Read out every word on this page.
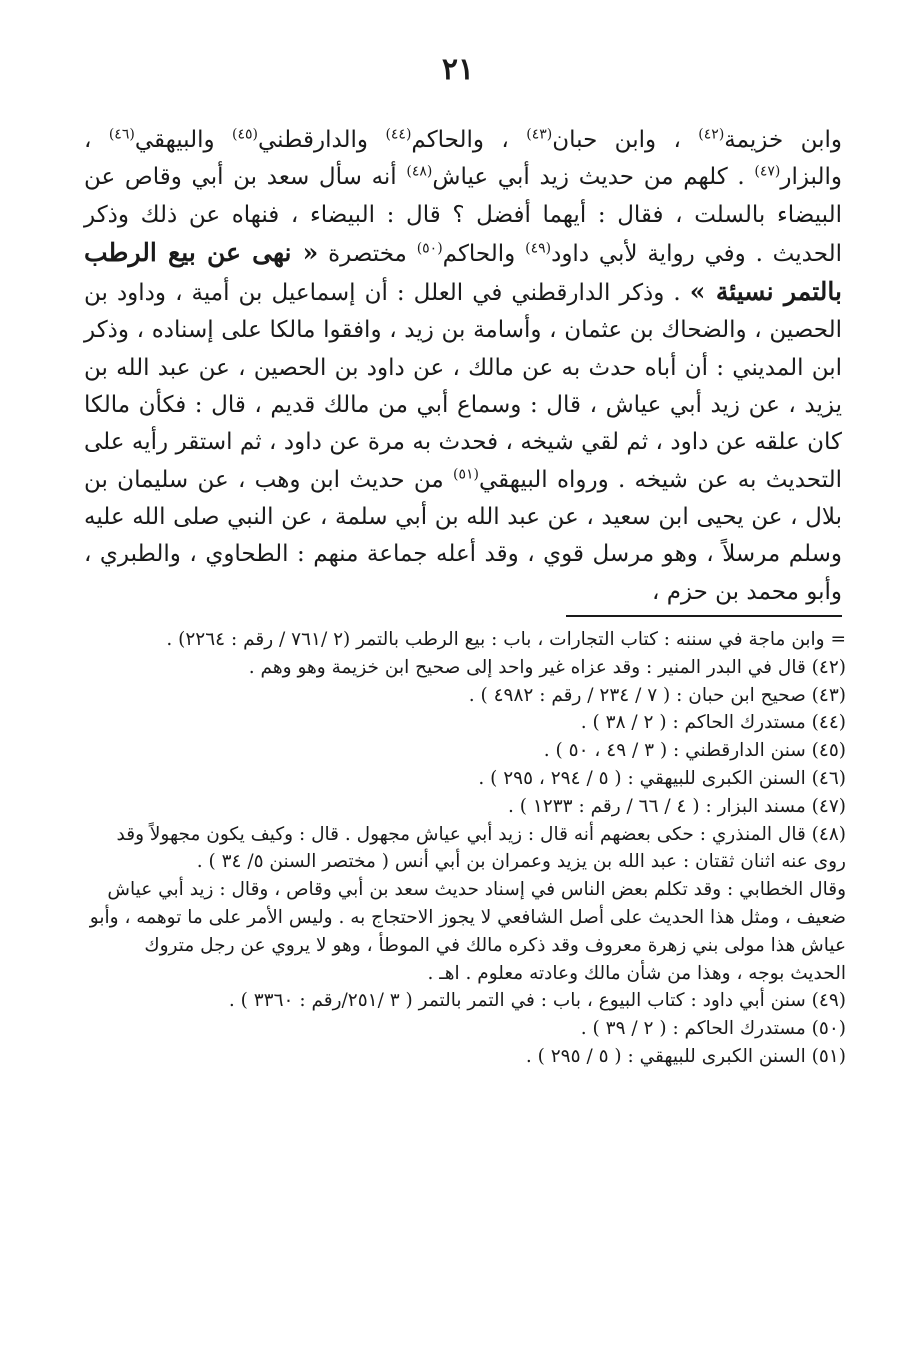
٢١
وابن خزيمة$^{(٤٢)}$ ، وابن حبان$^{(٤٣)}$ ، والحاكم$^{(٤٤)}$ والدارقطني$^{(٤٥)}$ والبيهقي$^{(٤٦)}$ ، والبزار$^{(٤٧)}$ . كلهم من حديث زيد أبي عياش$^{(٤٨)}$ أنه سأل سعد بن أبي وقاص عن البيضاء بالسلت ، فقال : أيهما أفضل ؟ قال : البيضاء ، فنهاه عن ذلك وذكر الحديث . وفي رواية لأبي داود$^{(٤٩)}$ والحاكم$^{(٥٠)}$ مختصرة « نهى عن بيع الرطب بالتمر نسيئة » . وذكر الدارقطني في العلل : أن إسماعيل بن أمية ، وداود بن الحصين ، والضحاك بن عثمان ، وأسامة بن زيد ، وافقوا مالكا على إسناده ، وذكر ابن المديني : أن أباه حدث به عن مالك ، عن داود بن الحصين ، عن عبد الله بن يزيد ، عن زيد أبي عياش ، قال : وسماع أبي من مالك قديم ، قال : فكأن مالكا كان علقه عن داود ، ثم لقي شيخه ، فحدث به مرة عن داود ، ثم استقر رأيه على التحديث به عن شيخه . ورواه البيهقي$^{(٥١)}$ من حديث ابن وهب ، عن سليمان بن بلال ، عن يحيى ابن سعيد ، عن عبد الله بن أبي سلمة ، عن النبي صلى الله عليه وسلم مرسلاً ، وهو مرسل قوي ، وقد أعله جماعة منهم : الطحاوي ، والطبري ، وأبو محمد بن حزم ،

= وابن ماجة في سننه : كتاب التجارات ، باب : بيع الرطب بالتمر (٢ /٧٦١ / رقم : ٢٢٦٤) .

(٤٢) قال في البدر المنير : وقد عزاه غير واحد إلى صحيح ابن خزيمة وهو وهم .

(٤٣) صحيح ابن حبان : ( ٧ / ٢٣٤ / رقم : ٤٩٨٢ ) .

(٤٤) مستدرك الحاكم : ( ٢ / ٣٨ ) .

(٤٥) سنن الدارقطني : ( ٣ / ٤٩ ، ٥٠ ) .

(٤٦) السنن الكبرى للبيهقي : ( ٥ / ٢٩٤ ، ٢٩٥ ) .

(٤٧) مسند البزار : ( ٤ / ٦٦ / رقم : ١٢٣٣ ) .

(٤٨) قال المنذري : حكى بعضهم أنه قال : زيد أبي عياش مجهول . قال : وكيف يكون مجهولاً وقد روى عنه اثنان ثقتان : عبد الله بن يزيد وعمران بن أبي أنس ( مختصر السنن ٥/ ٣٤ ) .

وقال الخطابي : وقد تكلم بعض الناس في إسناد حديث سعد بن أبي وقاص ، وقال : زيد أبي عياش ضعيف ، ومثل هذا الحديث على أصل الشافعي لا يجوز الاحتجاج به . وليس الأمر على ما توهمه ، وأبو عياش هذا مولى بني زهرة معروف وقد ذكره مالك في الموطأ ، وهو لا يروي عن رجل متروك الحديث بوجه ، وهذا من شأن مالك وعادته معلوم . اهـ .

(٤٩) سنن أبي داود : كتاب البيوع ، باب : في التمر بالتمر ( ٣ /٢٥١/رقم : ٣٣٦٠ ) .

(٥٠) مستدرك الحاكم : ( ٢ / ٣٩ ) .

(٥١) السنن الكبرى للبيهقي : ( ٥ / ٢٩٥ ) .
